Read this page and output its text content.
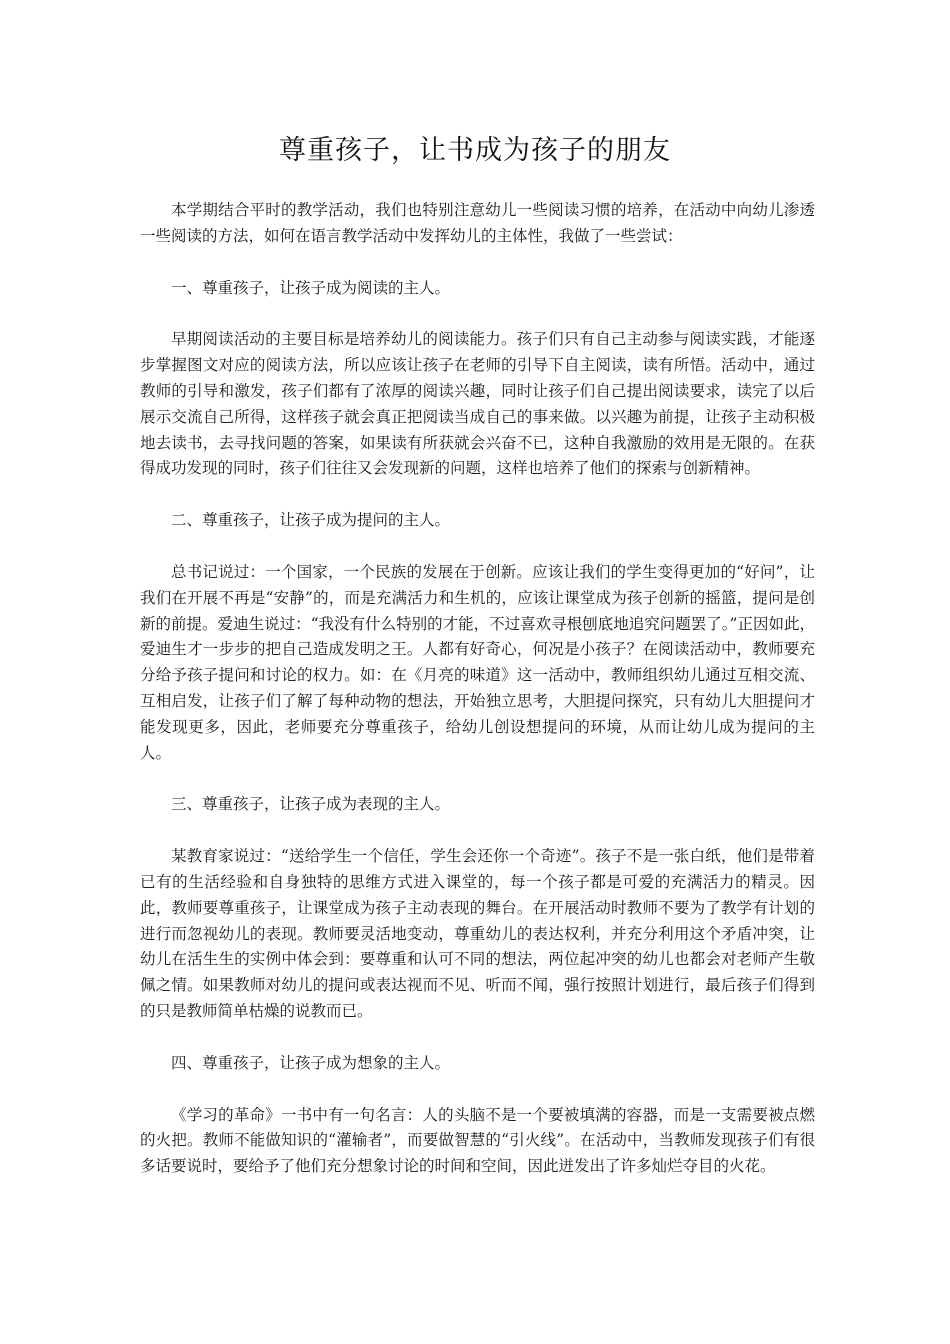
尊重孩子，让书成为孩子的朋友

本学期结合平时的教学活动，我们也特别注意幼儿一些阅读习惯的培养，在活动中向幼儿渗透一些阅读的方法，如何在语言教学活动中发挥幼儿的主体性，我做了一些尝试：

一、尊重孩子，让孩子成为阅读的主人。

早期阅读活动的主要目标是培养幼儿的阅读能力。孩子们只有自己主动参与阅读实践，才能逐步掌握图文对应的阅读方法，所以应该让孩子在老师的引导下自主阅读，读有所悟。活动中，通过教师的引导和激发，孩子们都有了浓厚的阅读兴趣，同时让孩子们自己提出阅读要求，读完了以后展示交流自己所得，这样孩子就会真正把阅读当成自己的事来做。以兴趣为前提，让孩子主动积极地去读书，去寻找问题的答案，如果读有所获就会兴奋不已，这种自我激励的效用是无限的。在获得成功发现的同时，孩子们往往又会发现新的问题，这样也培养了他们的探索与创新精神。

二、尊重孩子，让孩子成为提问的主人。

总书记说过：一个国家，一个民族的发展在于创新。应该让我们的学生变得更加的“好问”，让我们在开展不再是“安静”的，而是充满活力和生机的，应该让课堂成为孩子创新的摇篮，提问是创新的前提。爱迪生说过：“我没有什么特别的才能，不过喜欢寻根刨底地追究问题罢了。”正因如此，爱迪生才一步步的把自己造成发明之王。人都有好奇心，何况是小孩子？在阅读活动中，教师要充分给予孩子提问和讨论的权力。如：在《月亮的味道》这一活动中，教师组织幼儿通过互相交流、互相启发，让孩子们了解了每种动物的想法，开始独立思考，大胆提问探究，只有幼儿大胆提问才能发现更多，因此，老师要充分尊重孩子，给幼儿创设想提问的环境，从而让幼儿成为提问的主人。

三、尊重孩子，让孩子成为表现的主人。

某教育家说过：“送给学生一个信任，学生会还你一个奇迹”。孩子不是一张白纸，他们是带着已有的生活经验和自身独特的思维方式进入课堂的，每一个孩子都是可爱的充满活力的精灵。因此，教师要尊重孩子，让课堂成为孩子主动表现的舞台。在开展活动时教师不要为了教学有计划的进行而忽视幼儿的表现。教师要灵活地变动，尊重幼儿的表达权利，并充分利用这个矛盾冲突，让幼儿在活生生的实例中体会到：要尊重和认可不同的想法，两位起冲突的幼儿也都会对老师产生敬佩之情。如果教师对幼儿的提问或表达视而不见、听而不闻，强行按照计划进行，最后孩子们得到的只是教师简单枯燥的说教而已。

四、尊重孩子，让孩子成为想象的主人。

《学习的革命》一书中有一句名言：人的头脑不是一个要被填满的容器，而是一支需要被点燃的火把。教师不能做知识的“灌输者”，而要做智慧的“引火线”。在活动中，当教师发现孩子们有很多话要说时，要给予了他们充分想象讨论的时间和空间，因此迸发出了许多灿烂夺目的火花。
